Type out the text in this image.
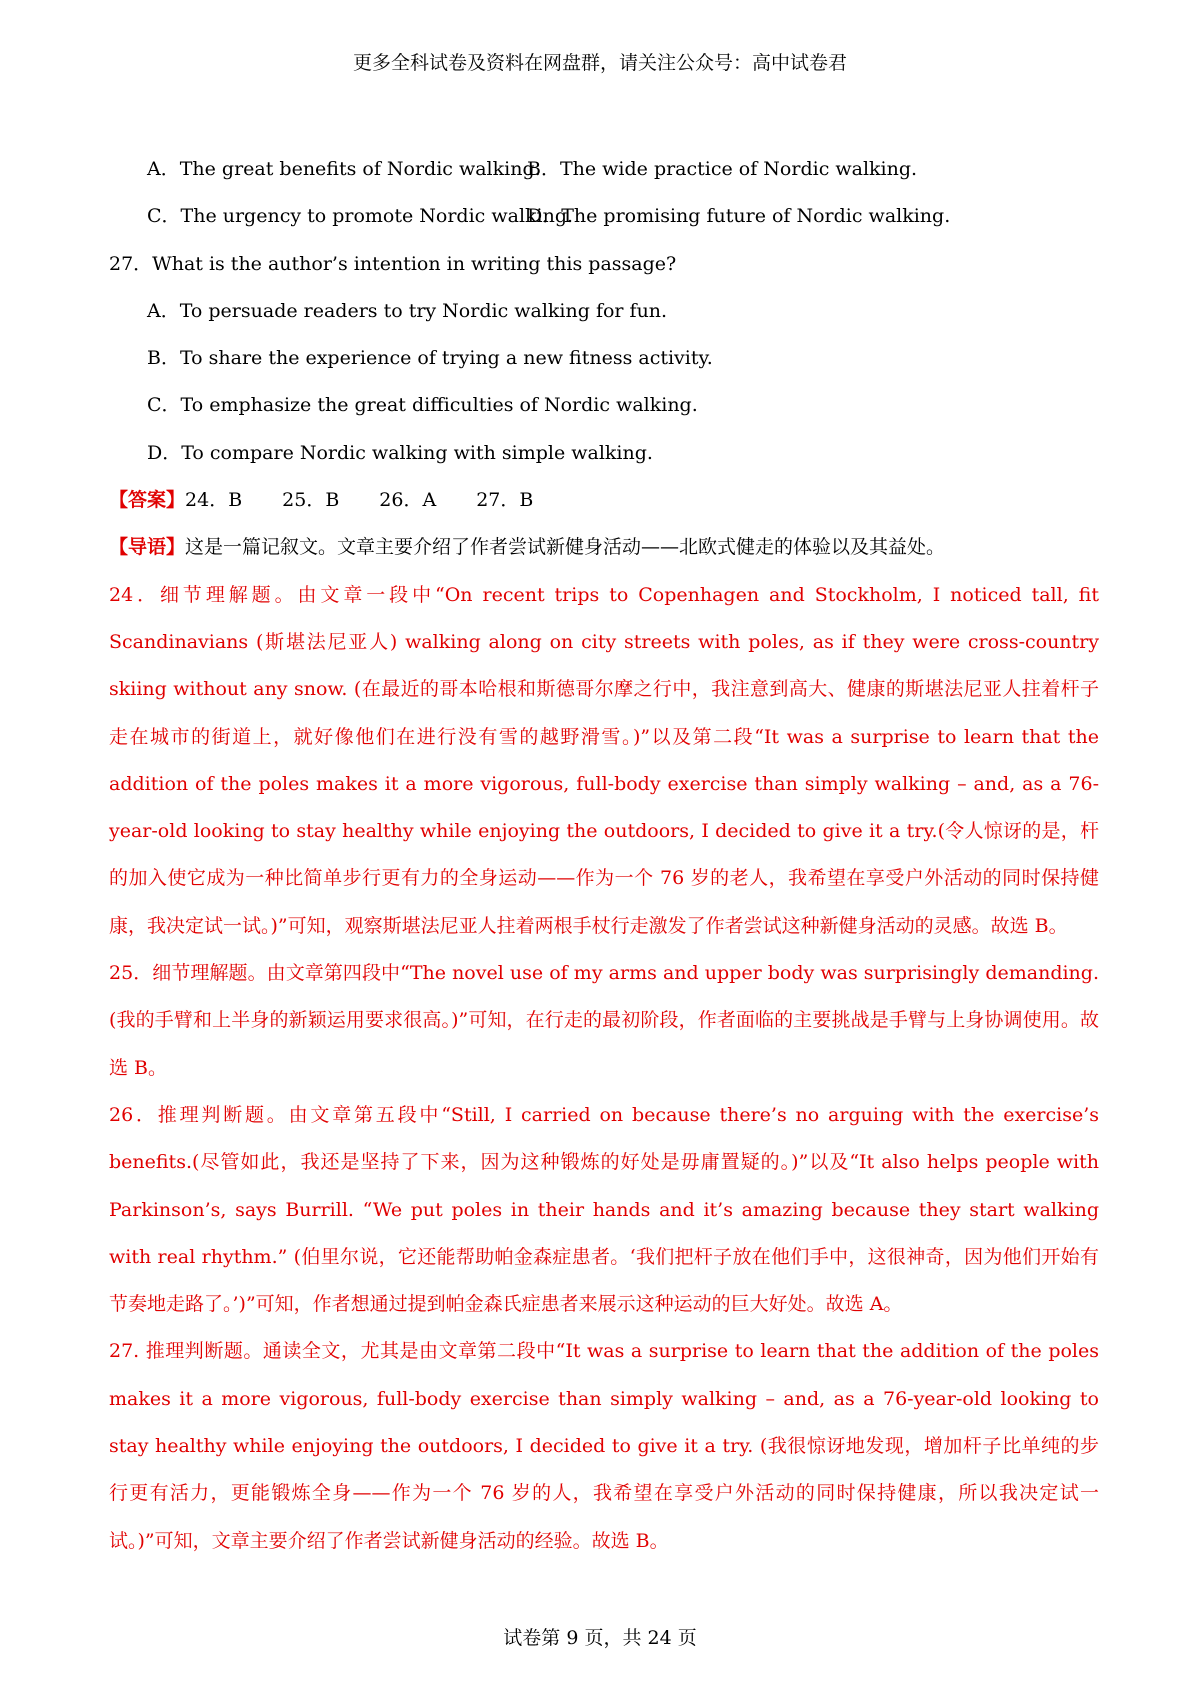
更多全科试卷及资料在网盘群，请关注公众号：高中试卷君
A．The great benefits of Nordic walking.
B．The wide practice of Nordic walking.
C．The urgency to promote Nordic walking.
D．The promising future of Nordic walking.
27．What is the author’s intention in writing this passage?
A．To persuade readers to try Nordic walking for fun.
B．To share the experience of trying a new fitness activity.
C．To emphasize the great difficulties of Nordic walking.
D．To compare Nordic walking with simple walking.
【答案】 24．B 25．B 26．A 27．B
【导语】这是一篇记叙文。文章主要介绍了作者尝试新健身活动——北欧式健走的体验以及其益处。

24．细节理解题。由文章一段中“On recent trips to Copenhagen and Stockholm, I noticed tall, fit Scandinavians (斯堪法尼亚人) walking along on city streets with poles, as if they were cross-country skiing without any snow. (在最近的哥本哈根和斯德哥尔摩之行中，我注意到高大、健康的斯堪法尼亚人拄着杆子走在城市的街道上，就好像他们在进行没有雪的越野滑雪。)”以及第二段“It was a surprise to learn that the addition of the poles makes it a more vigorous, full-body exercise than simply walking – and, as a 76-year-old looking to stay healthy while enjoying the outdoors, I decided to give it a try.(令人惊讶的是，杆的加入使它成为一种比简单步行更有力的全身运动——作为一个 76 岁的老人，我希望在享受户外活动的同时保持健康，我决定试一试。)”可知，观察斯堪法尼亚人拄着两根手杖行走激发了作者尝试这种新健身活动的灵感。故选 B。

25．细节理解题。由文章第四段中“The novel use of my arms and upper body was surprisingly demanding. (我的手臂和上半身的新颖运用要求很高。)”可知，在行走的最初阶段，作者面临的主要挑战是手臂与上身协调使用。故选 B。

26．推理判断题。由文章第五段中“Still, I carried on because there’s no arguing with the exercise’s benefits.(尽管如此，我还是坚持了下来，因为这种锻炼的好处是毋庸置疑的。)”以及“It also helps people with Parkinson’s, says Burrill. “We put poles in their hands and it’s amazing because they start walking with real rhythm.” (伯里尔说，它还能帮助帕金森症患者。‘我们把杆子放在他们手中，这很神奇，因为他们开始有节奏地走路了。’)”可知，作者想通过提到帕金森氏症患者来展示这种运动的巨大好处。故选 A。

27. 推理判断题。通读全文，尤其是由文章第二段中“It was a surprise to learn that the addition of the poles makes it a more vigorous, full-body exercise than simply walking – and, as a 76-year-old looking to stay healthy while enjoying the outdoors, I decided to give it a try. (我很惊讶地发现，增加杆子比单纯的步行更有活力，更能锻炼全身——作为一个 76 岁的人，我希望在享受户外活动的同时保持健康，所以我决定试一试。)”可知，文章主要介绍了作者尝试新健身活动的经验。故选 B。

试卷第 9 页，共 24 页
